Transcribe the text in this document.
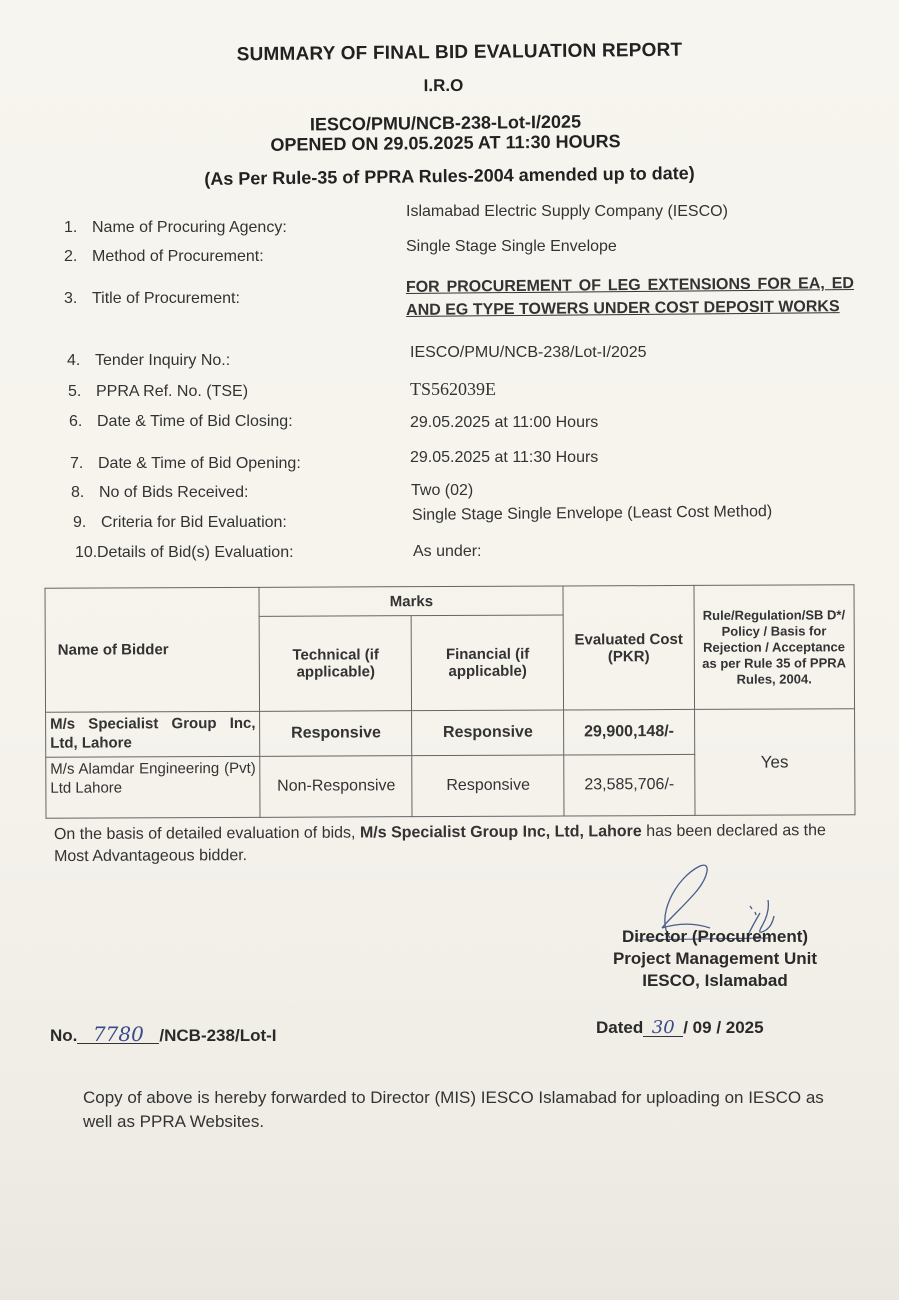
SUMMARY OF FINAL BID EVALUATION REPORT
I.R.O
IESCO/PMU/NCB-238-Lot-I/2025
OPENED ON 29.05.2025 AT 11:30 HOURS
(As Per Rule-35 of PPRA Rules-2004 amended up to date)
1. Name of Procuring Agency:
Islamabad Electric Supply Company (IESCO)
2. Method of Procurement:
Single Stage Single Envelope
3. Title of Procurement:
FOR PROCUREMENT OF LEG EXTENSIONS FOR EA, ED AND EG TYPE TOWERS UNDER COST DEPOSIT WORKS
4. Tender Inquiry No.:	IESCO/PMU/NCB-238/Lot-I/2025
5. PPRA Ref. No. (TSE)	TS562039E
6. Date & Time of Bid Closing:	29.05.2025 at 11:00 Hours
7. Date & Time of Bid Opening:	29.05.2025 at 11:30 Hours
8. No of Bids Received:	Two (02)
9. Criteria for Bid Evaluation:	Single Stage Single Envelope (Least Cost Method)
10.Details of Bid(s) Evaluation:	As under:
Name of Bidder	Marks		Evaluated Cost (PKR)	Rule/Regulation/SB D*/ Policy / Basis for Rejection / Acceptance as per Rule 35 of PPRA Rules, 2004.
	Technical (if applicable)	Financial (if applicable)		
M/s Specialist Group Inc, Ltd, Lahore	Responsive	Responsive	29,900,148/-	Yes
M/s Alamdar Engineering (Pvt) Ltd Lahore	Non-Responsive	Responsive	23,585,706/-	
On the basis of detailed evaluation of bids, M/s Specialist Group Inc, Ltd, Lahore has been declared as the Most Advantageous bidder.
Director (Procurement)
Project Management Unit
IESCO, Islamabad
No. 7780 /NCB-238/Lot-I	Dated 30 / 09 / 2025
Copy of above is hereby forwarded to Director (MIS) IESCO Islamabad for uploading on IESCO as well as PPRA Websites.
